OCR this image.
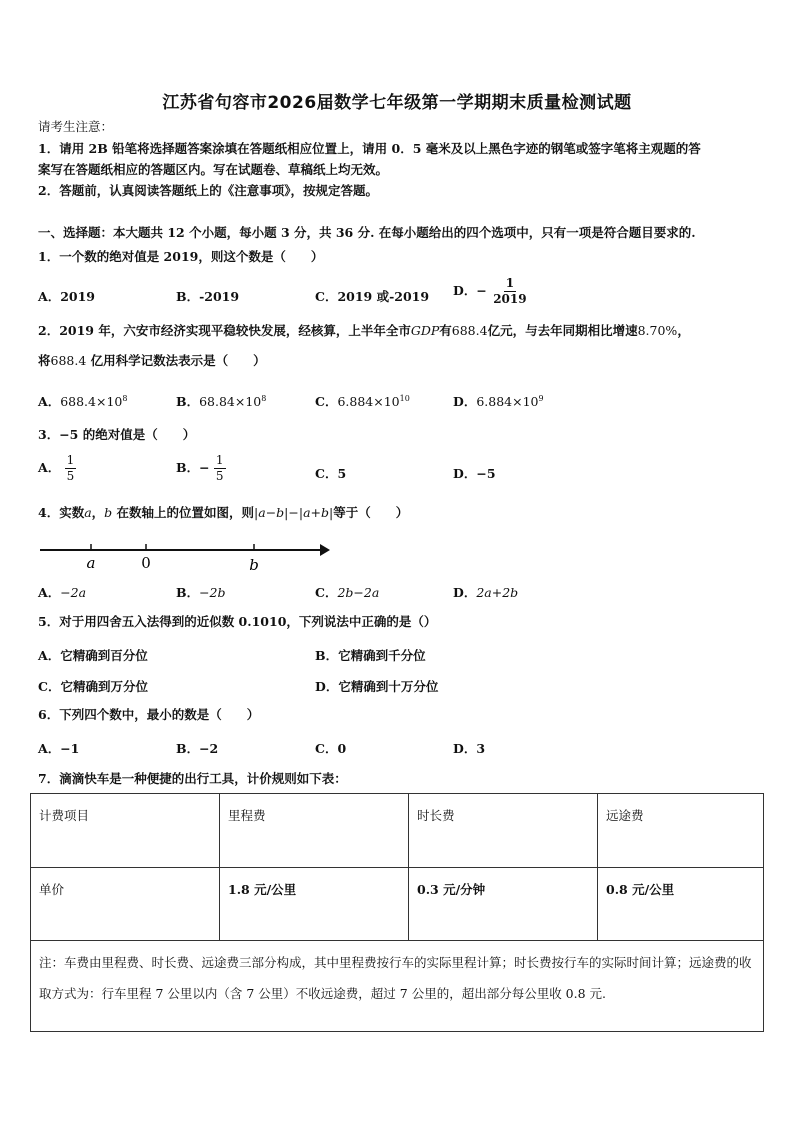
江苏省句容市2026届数学七年级第一学期期末质量检测试题
请考生注意：
1．请用 2B 铅笔将选择题答案涂填在答题纸相应位置上，请用 0．5 毫米及以上黑色字迹的钢笔或签字笔将主观题的答
案写在答题纸相应的答题区内。写在试题卷、草稿纸上均无效。
2．答题前，认真阅读答题纸上的《注意事项》，按规定答题。
一、选择题：本大题共 12 个小题，每小题 3 分，共 36 分. 在每小题给出的四个选项中，只有一项是符合题目要求的.
1．一个数的绝对值是 2019，则这个数是（　　）
A．2019	B．-2019	C．2019 或-2019 D．− $\frac{1}{2019}$
2．2019 年，六安市经济实现平稳较快发展，经核算，上半年全市GDP有688.4亿元，与去年同期相比增速8.70%，
将688.4 亿用科学记数法表示是（　　）
A．$688.4\times 10^8$	B．$68.84\times 10^8$	C．$6.884\times 10^{10}$	D．$6.884\times 10^9$
3．−5 的绝对值是（　　）
A． $\frac{1}{5}$	B．− $\frac{1}{5}$	C．5	D．−5
4．实数a，b 在数轴上的位置如图，则|a−b|−|a+b|等于（　　）
a	0	b
A．−2a	B．−2b	C．2b−2a	D．2a+2b
5．对于用四舍五入法得到的近似数 0.1010，下列说法中正确的是（）
A．它精确到百分位	B．它精确到千分位
C．它精确到万分位	D．它精确到十万分位
6．下列四个数中，最小的数是（　　）
A．−1	B．−2	C．0	D．3
7．滴滴快车是一种便捷的出行工具，计价规则如下表：
计费项目	里程费	时长费	远途费
单价	1.8 元/公里	0.3 元/分钟	0.8 元/公里
注：车费由里程费、时长费、远途费三部分构成，其中里程费按行车的实际里程计算；时长费按行车的实际时间计算；远途费的收取方式为：行车里程 7 公里以内（含 7 公里）不收远途费，超过 7 公里的，超出部分每公里收 0.8 元.			
